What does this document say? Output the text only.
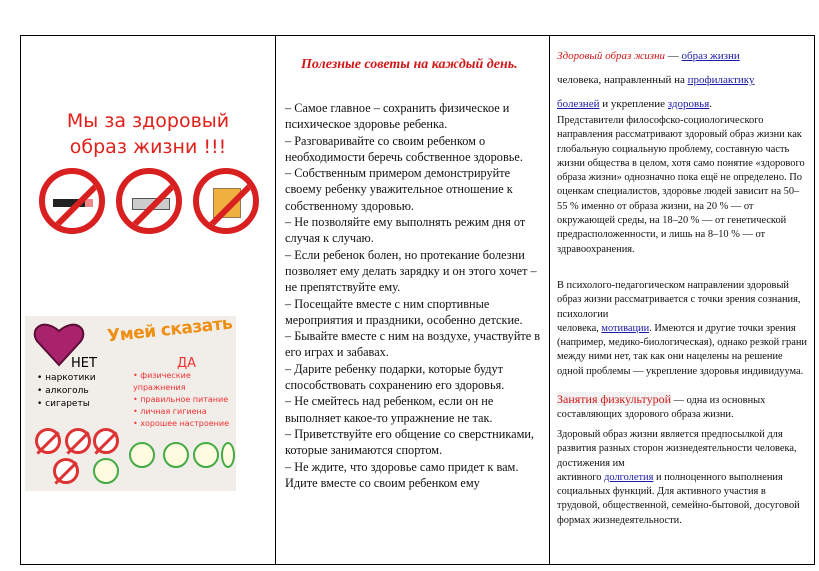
Мы за здоровый
образ жизни !!!
Умей сказать
НЕТ	ДА
• наркотики
• алкоголь
• сигареты
• физические упражнения
• правильное питание
• личная гигиена
• хорошее настроение
Полезные советы на каждый день.
– Самое главное – сохранить физическое и психическое здоровье ребенка.
– Разговаривайте со своим ребенком о необходимости беречь собственное здоровье.
– Собственным примером демонстрируйте своему ребенку уважительное отношение к собственному здоровью.
– Не позволяйте ему выполнять режим дня от случая к случаю.
– Если ребенок болен, но протекание болезни позволяет ему делать зарядку и он этого хочет – не препятствуйте ему.
– Посещайте вместе с ним спортивные мероприятия и праздники, особенно детские.
– Бывайте вместе с ним на воздухе, участвуйте в его играх и забавах.
– Дарите ребенку подарки, которые будут способствовать сохранению его здоровья.
– Не смейтесь над ребенком, если он не выполняет какое-то упражнение не так.
– Приветствуйте его общение со сверстниками, которые занимаются спортом.
– Не ждите, что здоровье само придет к вам. Идите вместе со своим ребенком ему

Здоровый образ жизни — образ жизни
человека, направленный на профилактику
болезней и укрепление здоровья.

Представители философско-социологического направления рассматривают здоровый образ жизни как глобальную социальную проблему, составную часть жизни общества в целом, хотя само понятие «здорового образа жизни» однозначно пока ещё не определено. По оценкам специалистов, здоровье людей зависит на 50–55 % именно от образа жизни, на 20 % — от окружающей среды, на 18–20 % — от генетической предрасположенности, и лишь на 8–10 % — от здравоохранения.

В психолого-педагогическом направлении здоровый образ жизни рассматривается с точки зрения сознания, психологии
человека, мотивации. Имеются и другие точки зрения (например, медико-биологическая), однако резкой грани между ними нет, так как они нацелены на решение одной проблемы — укрепление здоровья индивидуума.

Занятия физкультурой — одна из основных составляющих здорового образа жизни.

Здоровый образ жизни является предпосылкой для развития разных сторон жизнедеятельности человека, достижения им
активного долголетия и полноценного выполнения социальных функций. Для активного участия в трудовой, общественной, семейно-бытовой, досуговой формах жизнедеятельности.
